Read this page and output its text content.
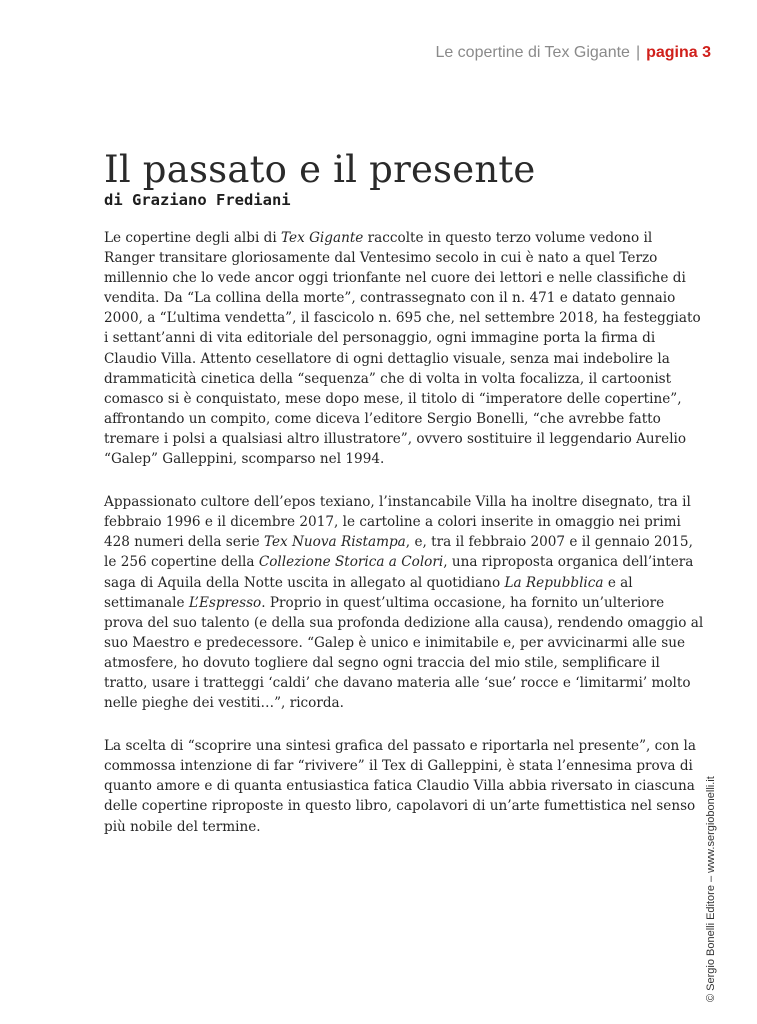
Le copertine di Tex Gigante | pagina 3
Il passato e il presente
di Graziano Frediani

Le copertine degli albi di Tex Gigante raccolte in questo terzo volume vedono il Ranger transitare gloriosamente dal Ventesimo secolo in cui è nato a quel Terzo millennio che lo vede ancor oggi trionfante nel cuore dei lettori e nelle classifiche di vendita. Da “La collina della morte”, contrassegnato con il n. 471 e datato gennaio 2000, a “L’ultima vendetta”, il fascicolo n. 695 che, nel settembre 2018, ha festeggiato i settant’anni di vita editoriale del personaggio, ogni immagine porta la firma di Claudio Villa. Attento cesellatore di ogni dettaglio visuale, senza mai indebolire la drammaticità cinetica della “sequenza” che di volta in volta focalizza, il cartoonist comasco si è conquistato, mese dopo mese, il titolo di “imperatore delle copertine”, affrontando un compito, come diceva l’editore Sergio Bonelli, “che avrebbe fatto tremare i polsi a qualsiasi altro illustratore”, ovvero sostituire il leggendario Aurelio “Galep” Galleppini, scomparso nel 1994.

Appassionato cultore dell’epos texiano, l’instancabile Villa ha inoltre disegnato, tra il febbraio 1996 e il dicembre 2017, le cartoline a colori inserite in omaggio nei primi 428 numeri della serie Tex Nuova Ristampa, e, tra il febbraio 2007 e il gennaio 2015, le 256 copertine della Collezione Storica a Colori, una riproposta organica dell’intera saga di Aquila della Notte uscita in allegato al quotidiano La Repubblica e al settimanale L’Espresso. Proprio in quest’ultima occasione, ha fornito un’ulteriore prova del suo talento (e della sua profonda dedizione alla causa), rendendo omaggio al suo Maestro e predecessore. “Galep è unico e inimitabile e, per avvicinarmi alle sue atmosfere, ho dovuto togliere dal segno ogni traccia del mio stile, semplificare il tratto, usare i tratteggi ‘caldi’ che davano materia alle ‘sue’ rocce e ‘limitarmi’ molto nelle pieghe dei vestiti…”, ricorda.

La scelta di “scoprire una sintesi grafica del passato e riportarla nel presente”, con la commossa intenzione di far “rivivere” il Tex di Galleppini, è stata l’ennesima prova di quanto amore e di quanta entusiastica fatica Claudio Villa abbia riversato in ciascuna delle copertine riproposte in questo libro, capolavori di un’arte fumettistica nel senso più nobile del termine.	© Sergio Bonelli Editore – www.sergiobonelli.it
